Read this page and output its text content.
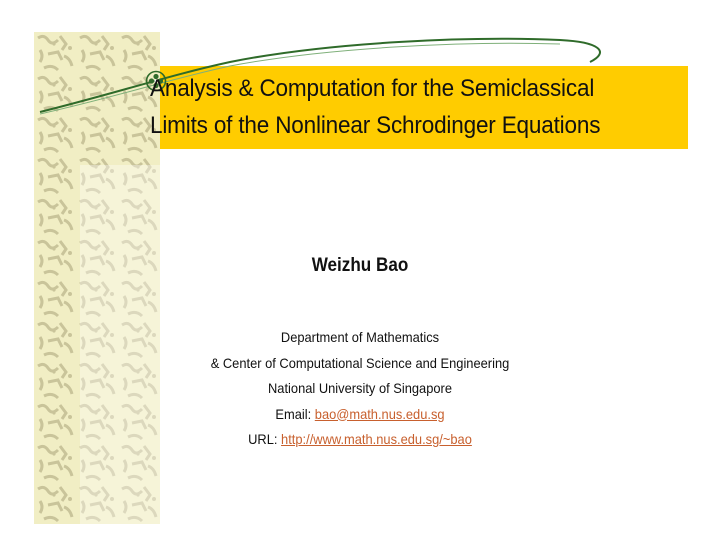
Analysis & Computation for the Semiclassical
Limits of the Nonlinear Schrodinger Equations
Weizhu Bao
Department of Mathematics
& Center of Computational Science and Engineering
National University of Singapore
Email: bao@math.nus.edu.sg
URL: http://www.math.nus.edu.sg/~bao
